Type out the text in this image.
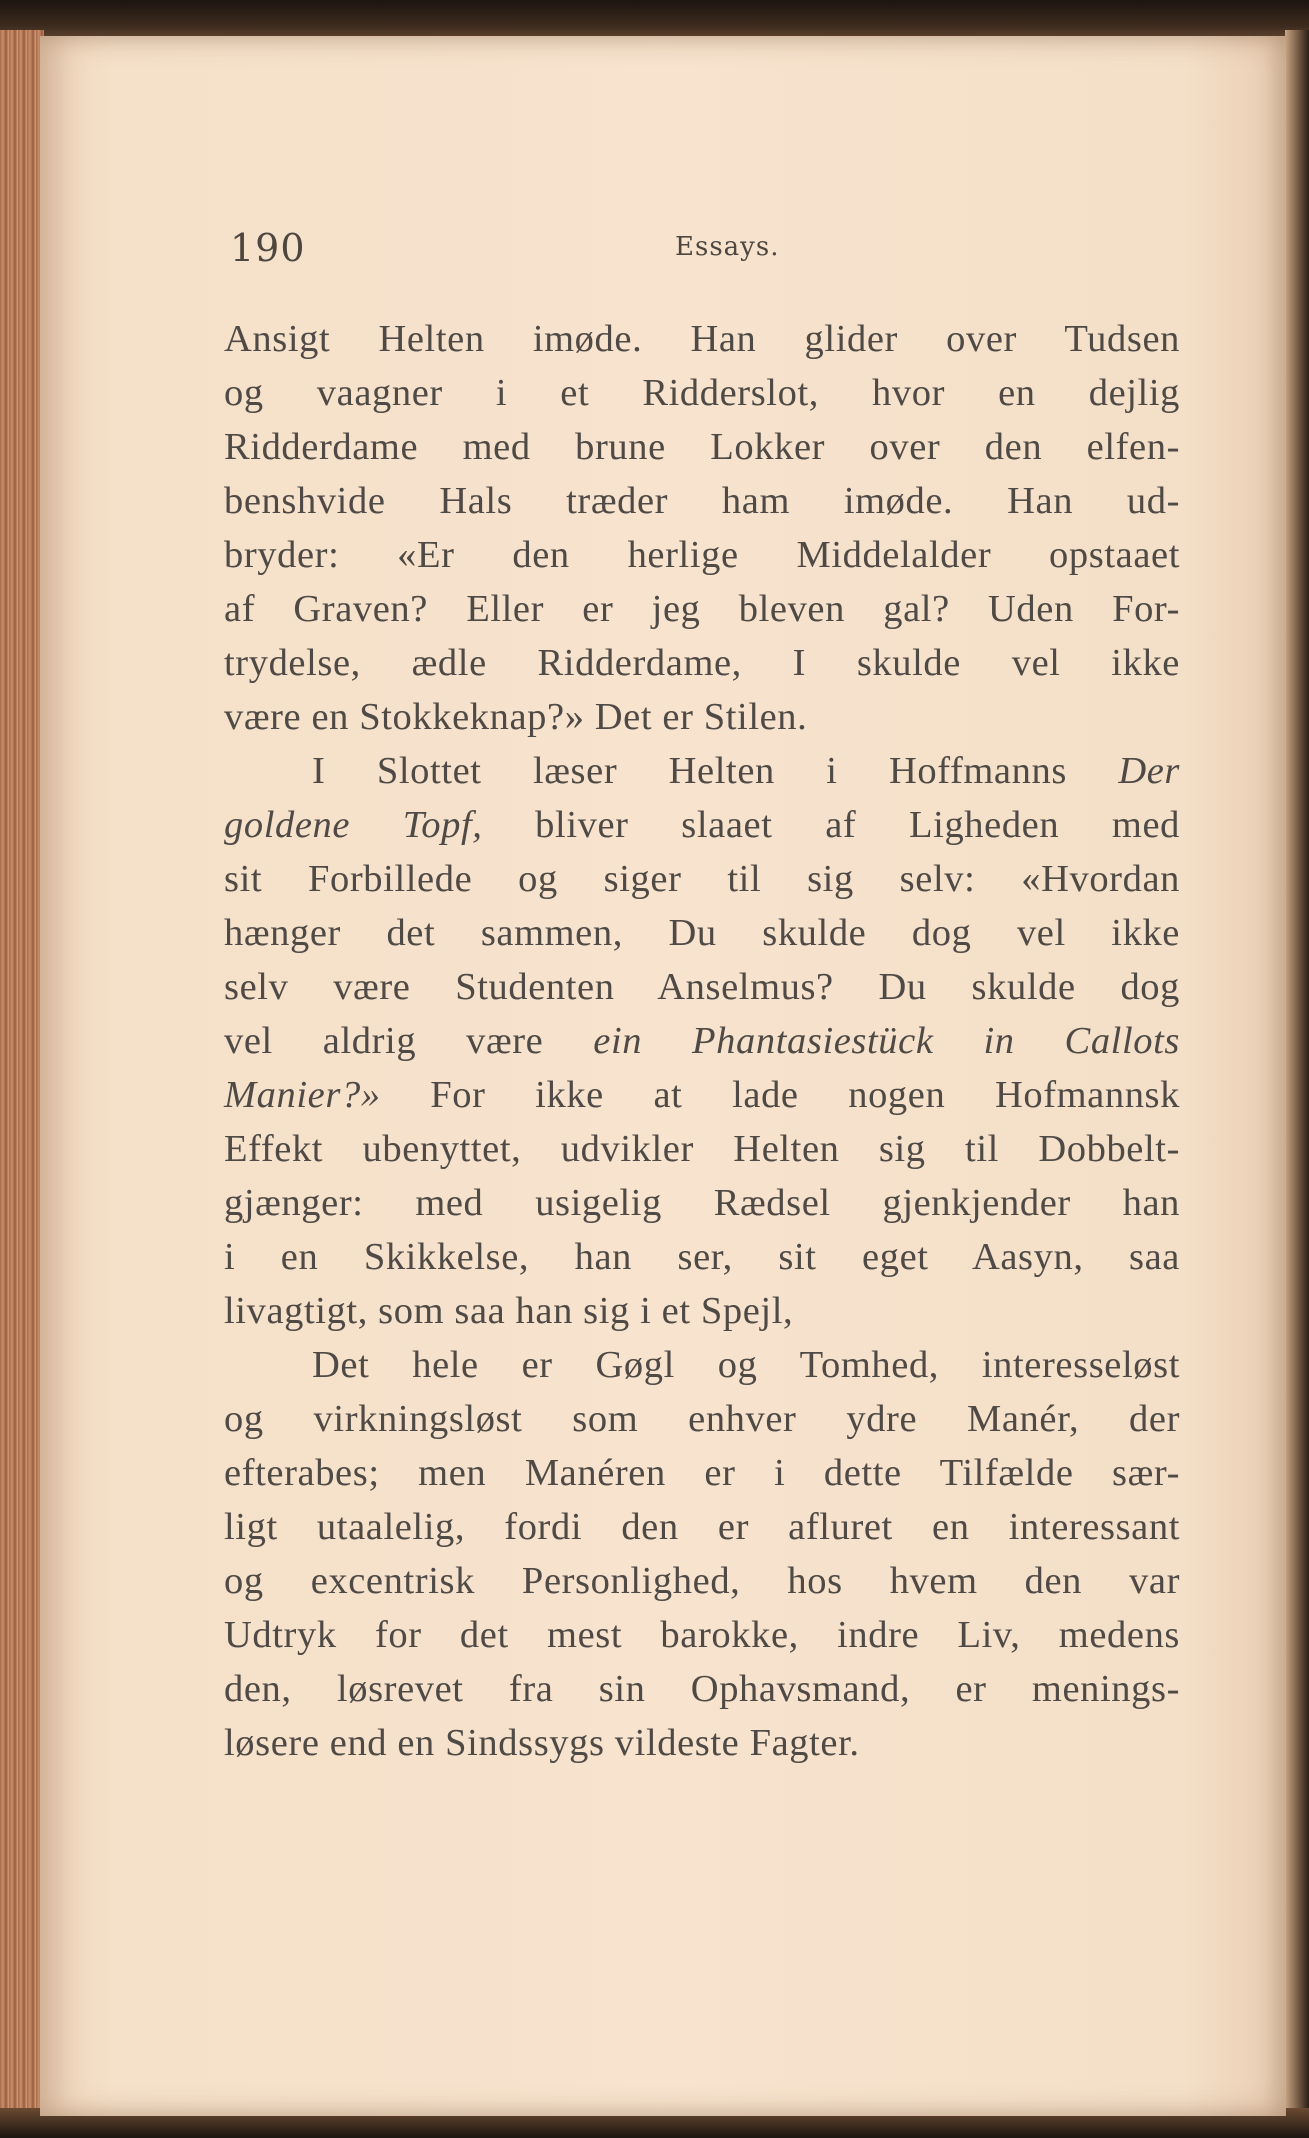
190	Essays.
Ansigt Helten imøde. Han glider over Tudsen
og vaagner i et Ridderslot, hvor en dejlig
Ridderdame med brune Lokker over den elfen-
benshvide Hals træder ham imøde. Han ud-
bryder: «Er den herlige Middelalder opstaaet
af Graven? Eller er jeg bleven gal? Uden For-
trydelse, ædle Ridderdame, I skulde vel ikke
være en Stokkeknap?» Det er Stilen.
I Slottet læser Helten i Hoffmanns Der
goldene Topf, bliver slaaet af Ligheden med
sit Forbillede og siger til sig selv: «Hvordan
hænger det sammen, Du skulde dog vel ikke
selv være Studenten Anselmus? Du skulde dog
vel aldrig være ein Phantasiestück in Callots
Manier?» For ikke at lade nogen Hofmannsk
Effekt ubenyttet, udvikler Helten sig til Dobbelt-
gjænger: med usigelig Rædsel gjenkjender han
i en Skikkelse, han ser, sit eget Aasyn, saa
livagtigt, som saa han sig i et Spejl,
Det hele er Gøgl og Tomhed, interesseløst
og virkningsløst som enhver ydre Manér, der
efterabes; men Manéren er i dette Tilfælde sær-
ligt utaalelig, fordi den er afluret en interessant
og excentrisk Personlighed, hos hvem den var
Udtryk for det mest barokke, indre Liv, medens
den, løsrevet fra sin Ophavsmand, er menings-
løsere end en Sindssygs vildeste Fagter.
